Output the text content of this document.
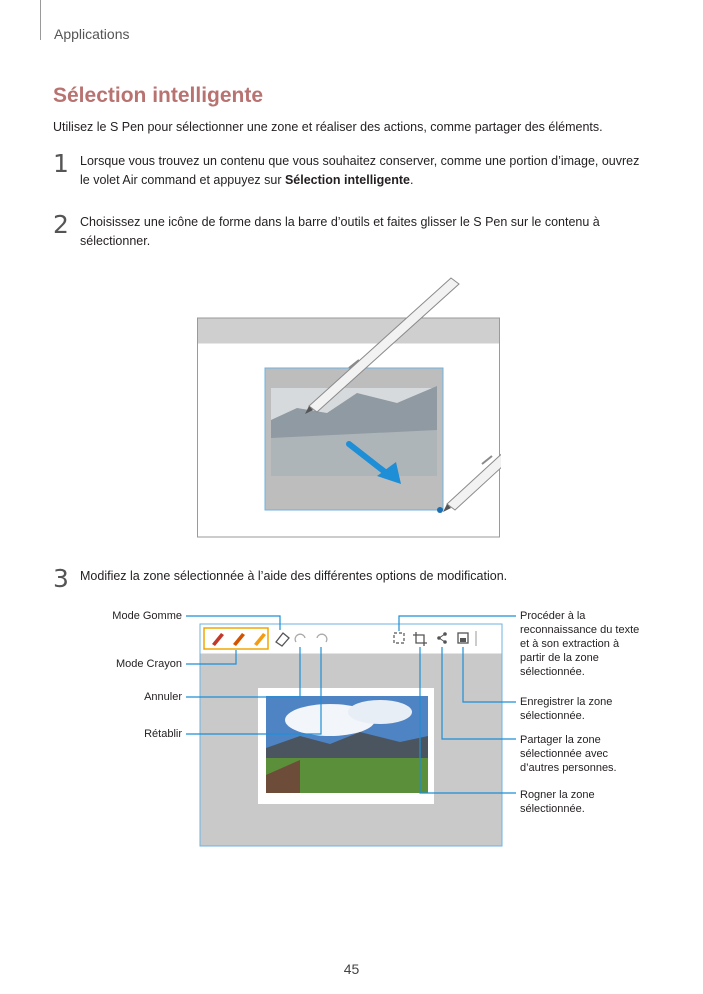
Applications
Sélection intelligente

Utilisez le S Pen pour sélectionner une zone et réaliser des actions, comme partager des éléments.

1 Lorsque vous trouvez un contenu que vous souhaitez conserver, comme une portion d’image, ouvrez le volet Air command et appuyez sur Sélection intelligente.

2 Choisissez une icône de forme dans la barre d’outils et faites glisser le S Pen sur le contenu à sélectionner.

3 Modifiez la zone sélectionnée à l’aide des différentes options de modification.

Mode Gomme
Mode Crayon
Annuler
Rétablir
Procéder à la reconnaissance du texte et à son extraction à partir de la zone sélectionnée.
Enregistrer la zone sélectionnée.
Partager la zone sélectionnée avec d’autres personnes.
Rogner la zone sélectionnée.
45
